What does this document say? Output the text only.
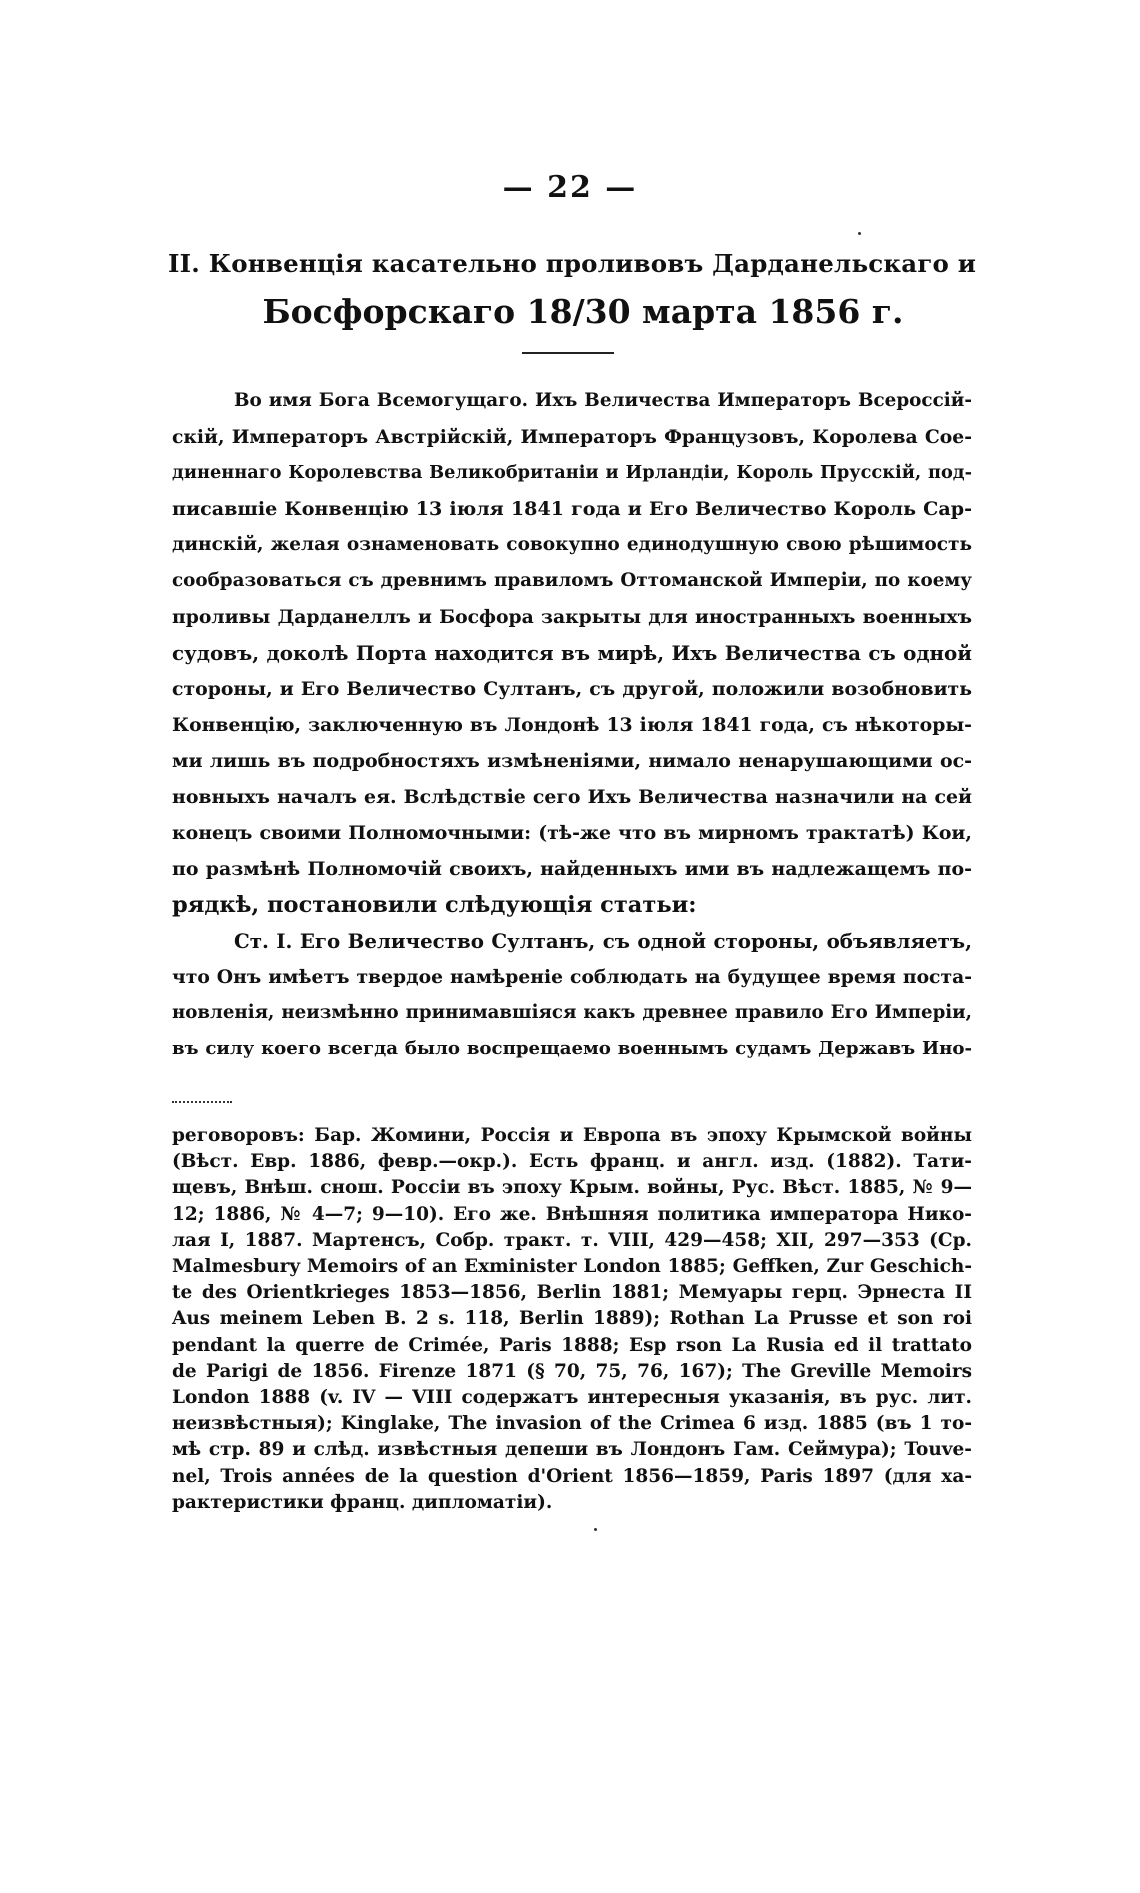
— 22 —
II. Конвенція касательно проливовъ Дарданельскаго и
Босфорскаго 18/30 марта 1856 г.
Во имя Бога Всемогущаго. Ихъ Величества Императоръ Всероссій-
скій, Императоръ Австрійскій, Императоръ Французовъ, Королева Сое-
диненнаго Королевства Великобританіи и Ирландіи, Король Прусскій, под-
писавшіе Конвенцію 13 іюля 1841 года и Его Величество Король Сар-
динскій, желая ознаменовать совокупно единодушную свою рѣшимость
сообразоваться съ древнимъ правиломъ Оттоманской Имперіи, по коему
проливы Дарданеллъ и Босфора закрыты для иностранныхъ военныхъ
судовъ, доколѣ Порта находится въ мирѣ, Ихъ Величества съ одной
стороны, и Его Величество Султанъ, съ другой, положили возобновить
Конвенцію, заключенную въ Лондонѣ 13 іюля 1841 года, съ нѣкоторы-
ми лишь въ подробностяхъ измѣненіями, нимало ненарушающими ос-
новныхъ началъ ея. Вслѣдствіе сего Ихъ Величества назначили на сей
конецъ своими Полномочными: (тѣ-же что въ мирномъ трактатѣ) Кои,
по размѣнѣ Полномочій своихъ, найденныхъ ими въ надлежащемъ по-
рядкѣ, постановили слѣдующія статьи:
Ст. I. Его Величество Султанъ, съ одной стороны, объявляетъ,
что Онъ имѣетъ твердое намѣреніе соблюдать на будущее время поста-
новленія, неизмѣнно принимавшіяся какъ древнее правило Его Имперіи,
въ силу коего всегда было воспрещаемо военнымъ судамъ Державъ Ино-
реговоровъ: Бар. Жомини, Россія и Европа въ эпоху Крымской войны
(Вѣст. Евр. 1886, февр.—окр.). Есть франц. и англ. изд. (1882). Тати-
щевъ, Внѣш. снош. Россіи въ эпоху Крым. войны, Рус. Вѣст. 1885, № 9—
12; 1886, № 4—7; 9—10). Его же. Внѣшняя политика императора Нико-
лая I, 1887. Мартенсъ, Собр. тракт. т. VIII, 429—458; XII, 297—353 (Ср.
Malmesbury Memoirs of an Exminister London 1885; Geffken, Zur Geschich-
te des Orientkrieges 1853—1856, Berlin 1881; Мемуары герц. Эрнеста II
Aus meinem Leben B. 2 s. 118, Berlin 1889); Rothan La Prusse et son roi
pendant la querre de Crimée, Paris 1888; Esp rson La Rusia ed il trattato
de Parigi de 1856. Firenze 1871 (§ 70, 75, 76, 167); The Greville Memoirs
London 1888 (v. IV — VIII содержатъ интересныя указанія, въ рус. лит.
неизвѣстныя); Kinglake, The invasion of the Crimea 6 изд. 1885 (въ 1 то-
мѣ стр. 89 и слѣд. извѣстныя депеши въ Лондонъ Гам. Сеймура); Touve-
nel, Trois années de la question d'Orient 1856—1859, Paris 1897 (для ха-
рактеристики франц. дипломатіи).
